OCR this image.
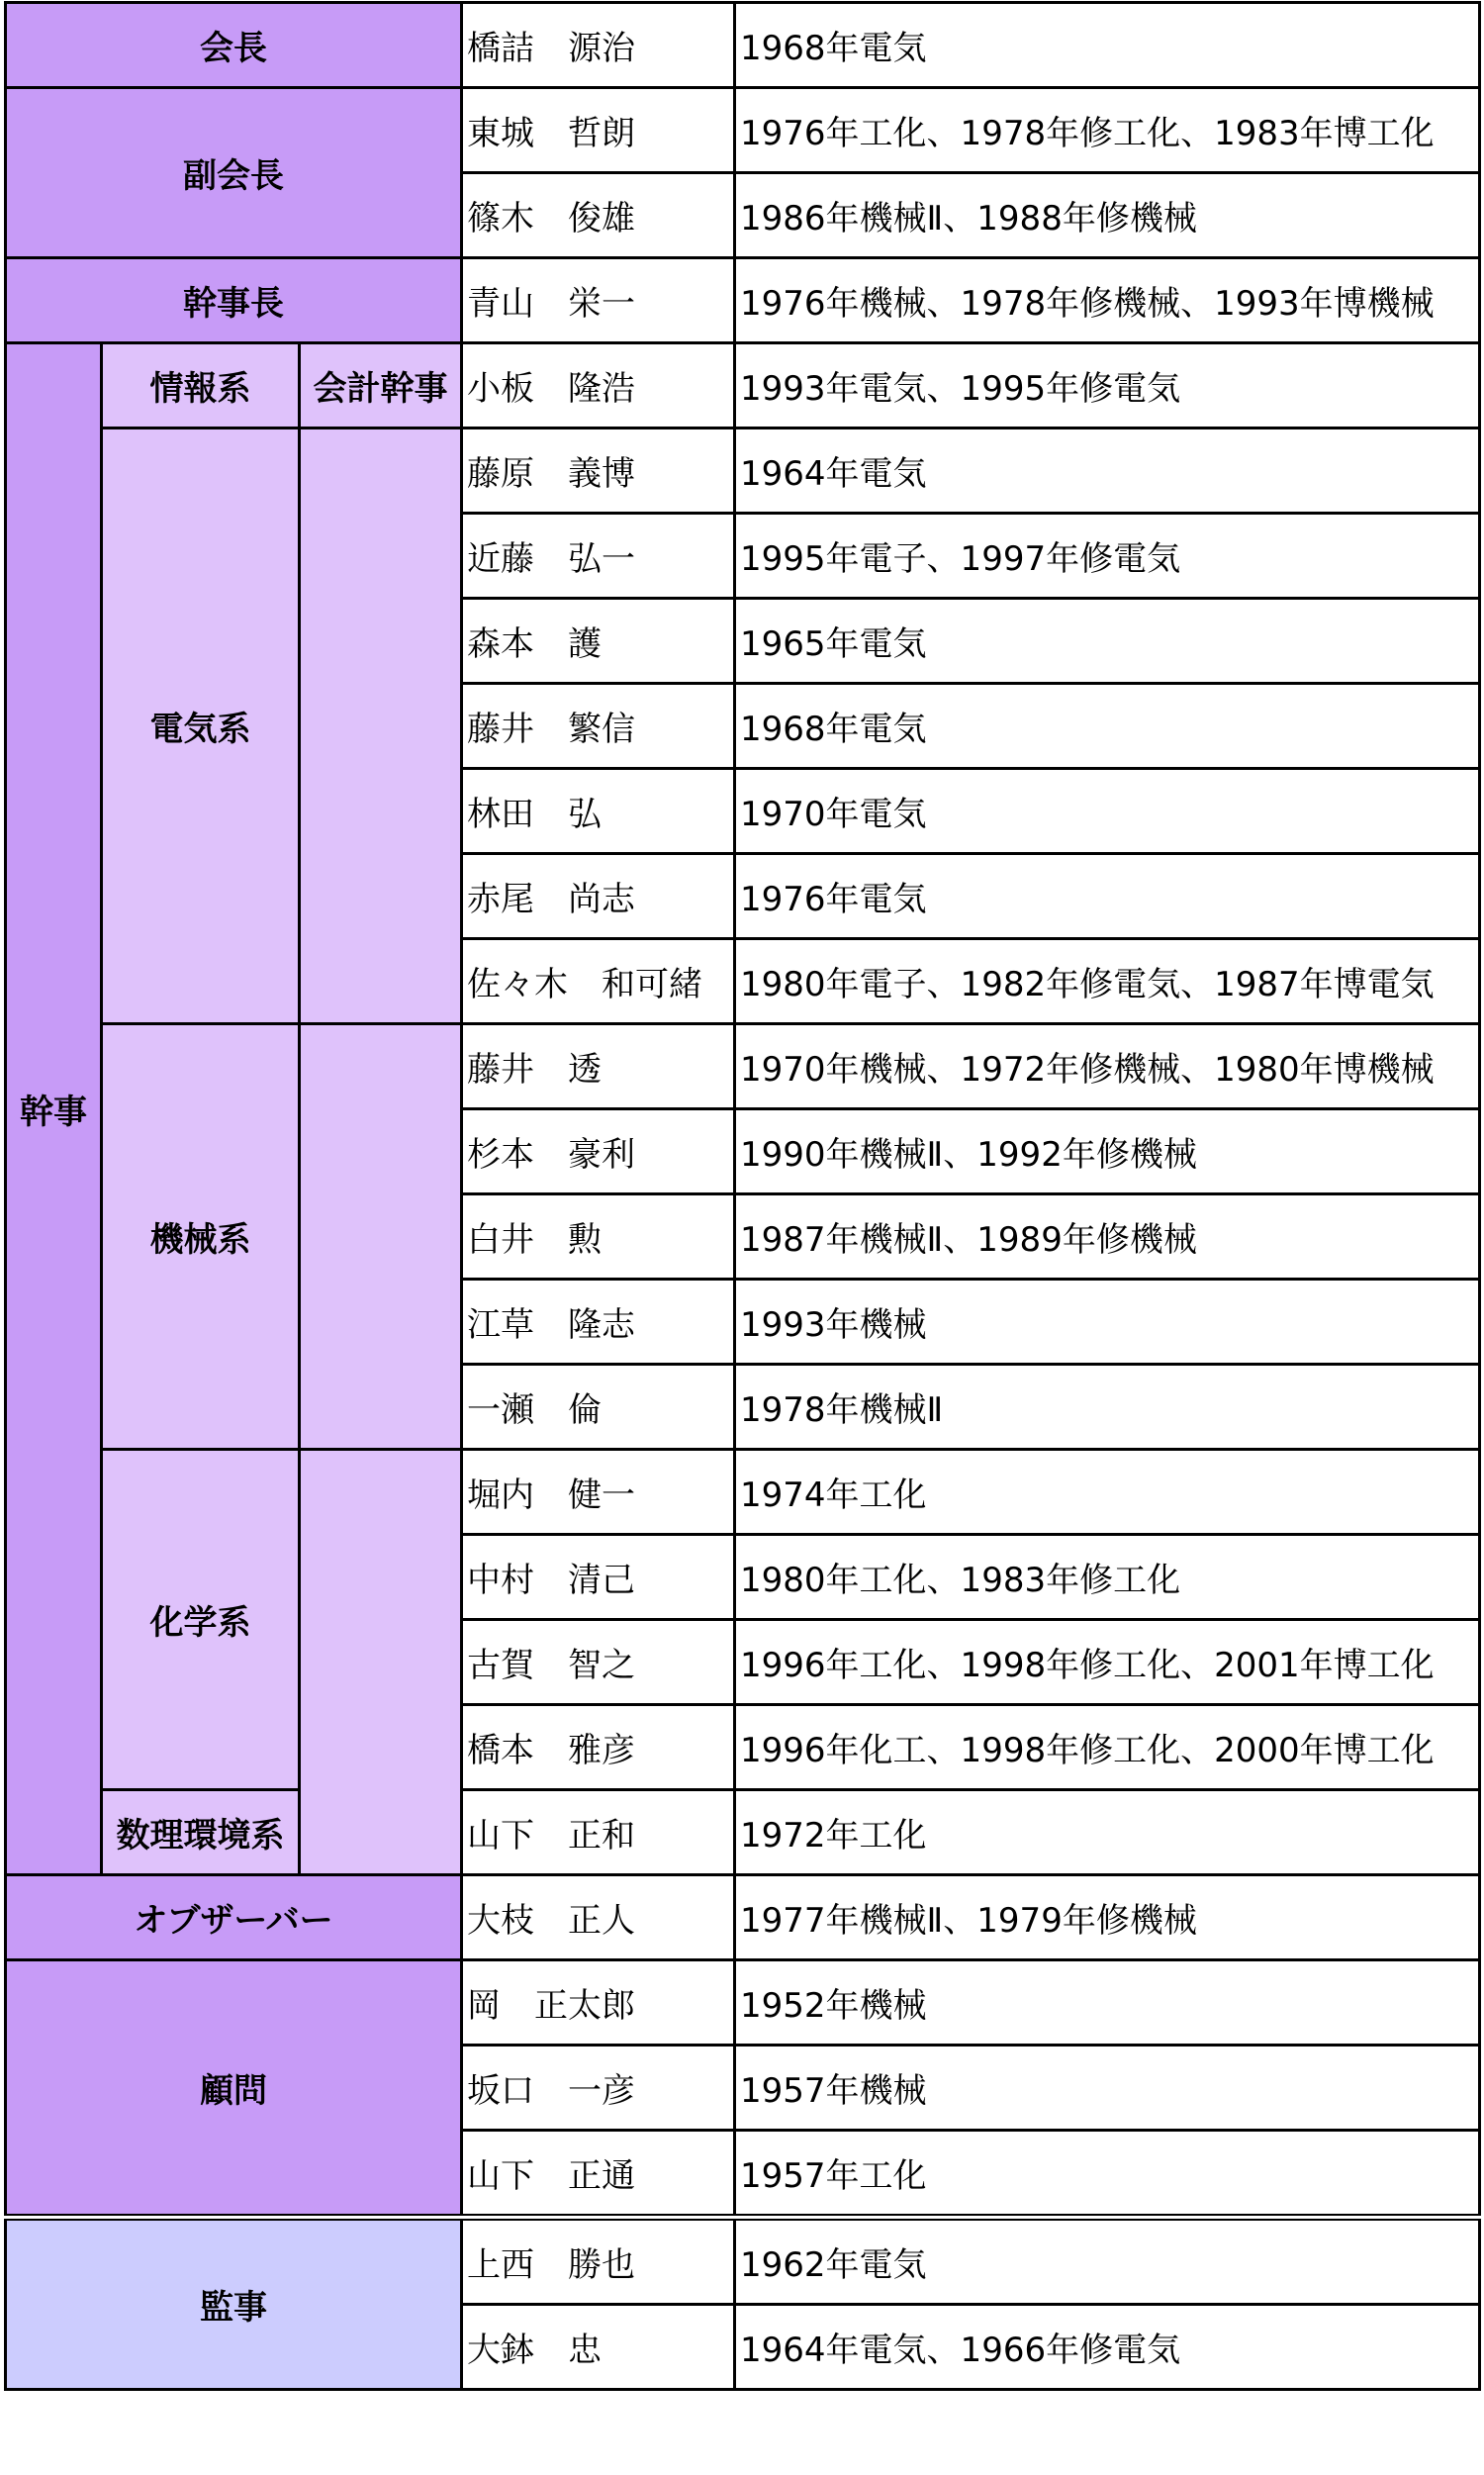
会長			橋詰　源治	1968年電気
副会長			東城　哲朗	1976年工化、1978年修工化、1983年博工化
			篠木　俊雄	1986年機械Ⅱ、1988年修機械
幹事長			青山　栄一	1976年機械、1978年修機械、1993年博機械
幹事	情報系	会計幹事	小板　隆浩	1993年電気、1995年修電気
	電気系		藤原　義博	1964年電気
			近藤　弘一	1995年電子、1997年修電気
			森本　護	1965年電気
			藤井　繁信	1968年電気
			林田　弘	1970年電気
			赤尾　尚志	1976年電気
			佐々木　和可緒	1980年電子、1982年修電気、1987年博電気
	機械系		藤井　透	1970年機械、1972年修機械、1980年博機械
			杉本　豪利	1990年機械Ⅱ、1992年修機械
			白井　勲	1987年機械Ⅱ、1989年修機械
			江草　隆志	1993年機械
			一瀬　倫	1978年機械Ⅱ
	化学系		堀内　健一	1974年工化
			中村　清己	1980年工化、1983年修工化
			古賀　智之	1996年工化、1998年修工化、2001年博工化
			橋本　雅彦	1996年化工、1998年修工化、2000年博工化
	数理環境系		山下　正和	1972年工化
オブザーバー			大枝　正人	1977年機械Ⅱ、1979年修機械
顧問			岡　正太郎	1952年機械
			坂口　一彦	1957年機械
			山下　正通	1957年工化
監事			上西　勝也	1962年電気
			大鉢　忠	1964年電気、1966年修電気
